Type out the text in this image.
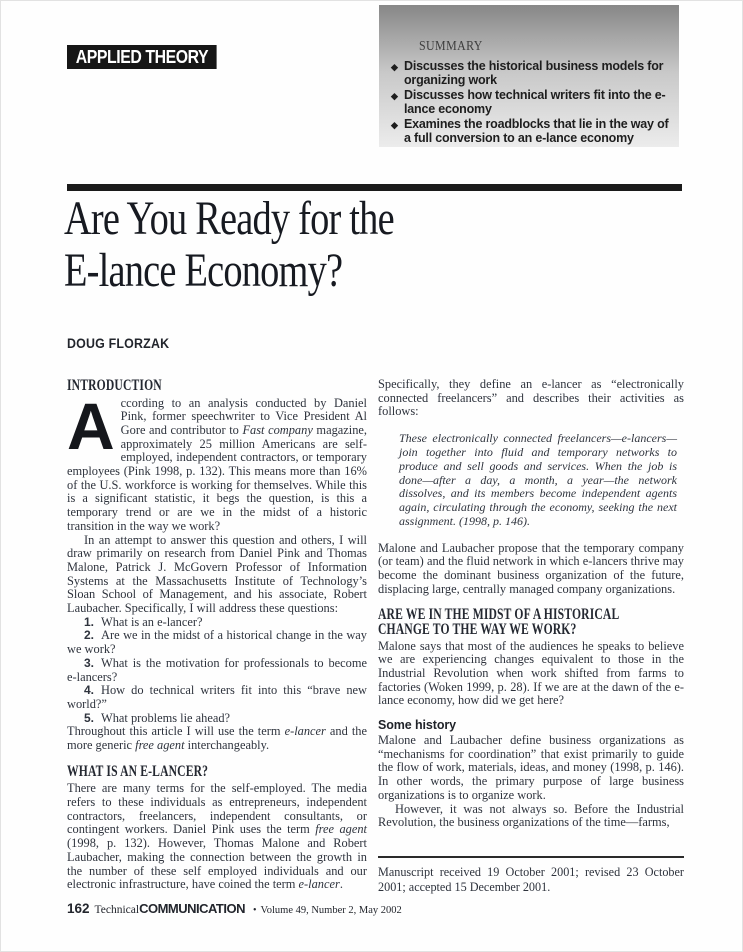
APPLIED THEORY
SUMMARY
◆ Discusses the historical business models for organizing work
◆ Discusses how technical writers fit into the e-lance economy
◆ Examines the roadblocks that lie in the way of a full conversion to an e-lance economy
Are You Ready for the
E-lance Economy?
DOUG FLORZAK
INTRODUCTION

According to an analysis conducted by Daniel Pink, former speechwriter to Vice President Al Gore and contributor to Fast company magazine, approximately 25 million Americans are self-employed, independent contractors, or temporary employees (Pink 1998, p. 132). This means more than 16% of the U.S. workforce is working for themselves. While this is a significant statistic, it begs the question, is this a temporary trend or are we in the midst of a historic transition in the way we work?

In an attempt to answer this question and others, I will draw primarily on research from Daniel Pink and Thomas Malone, Patrick J. McGovern Professor of Information Systems at the Massachusetts Institute of Technology’s Sloan School of Management, and his associate, Robert Laubacher. Specifically, I will address these questions:

1. What is an e-lancer?

2. Are we in the midst of a historical change in the way we work?

3. What is the motivation for professionals to become e-lancers?

4. How do technical writers fit into this “brave new world?”

5. What problems lie ahead?

Throughout this article I will use the term e-lancer and the more generic free agent interchangeably.

WHAT IS AN E-LANCER?

There are many terms for the self-employed. The media refers to these individuals as entrepreneurs, independent contractors, freelancers, independent consultants, or contingent workers. Daniel Pink uses the term free agent (1998, p. 132). However, Thomas Malone and Robert Laubacher, making the connection between the growth in the number of these self employed individuals and our electronic infrastructure, have coined the term e-lancer.

Specifically, they define an e-lancer as “electronically connected freelancers” and describes their activities as follows:

These electronically connected freelancers—e-lancers—join together into fluid and temporary networks to produce and sell goods and services. When the job is done—after a day, a month, a year—the network dissolves, and its members become independent agents again, circulating through the economy, seeking the next assignment. (1998, p. 146).

Malone and Laubacher propose that the temporary company (or team) and the fluid network in which e-lancers thrive may become the dominant business organization of the future, displacing large, centrally managed company organizations.

ARE WE IN THE MIDST OF A HISTORICAL
CHANGE TO THE WAY WE WORK?

Malone says that most of the audiences he speaks to believe we are experiencing changes equivalent to those in the Industrial Revolution when work shifted from farms to factories (Woken 1999, p. 28). If we are at the dawn of the e-lance economy, how did we get here?

Some history

Malone and Laubacher define business organizations as “mechanisms for coordination” that exist primarily to guide the flow of work, materials, ideas, and money (1998, p. 146). In other words, the primary purpose of large business organizations is to organize work.

However, it was not always so. Before the Industrial Revolution, the business organizations of the time—farms,

Manuscript received 19 October 2001; revised 23 October 2001; accepted 15 December 2001.

162 TechnicalCOMMUNICATION • Volume 49, Number 2, May 2002
